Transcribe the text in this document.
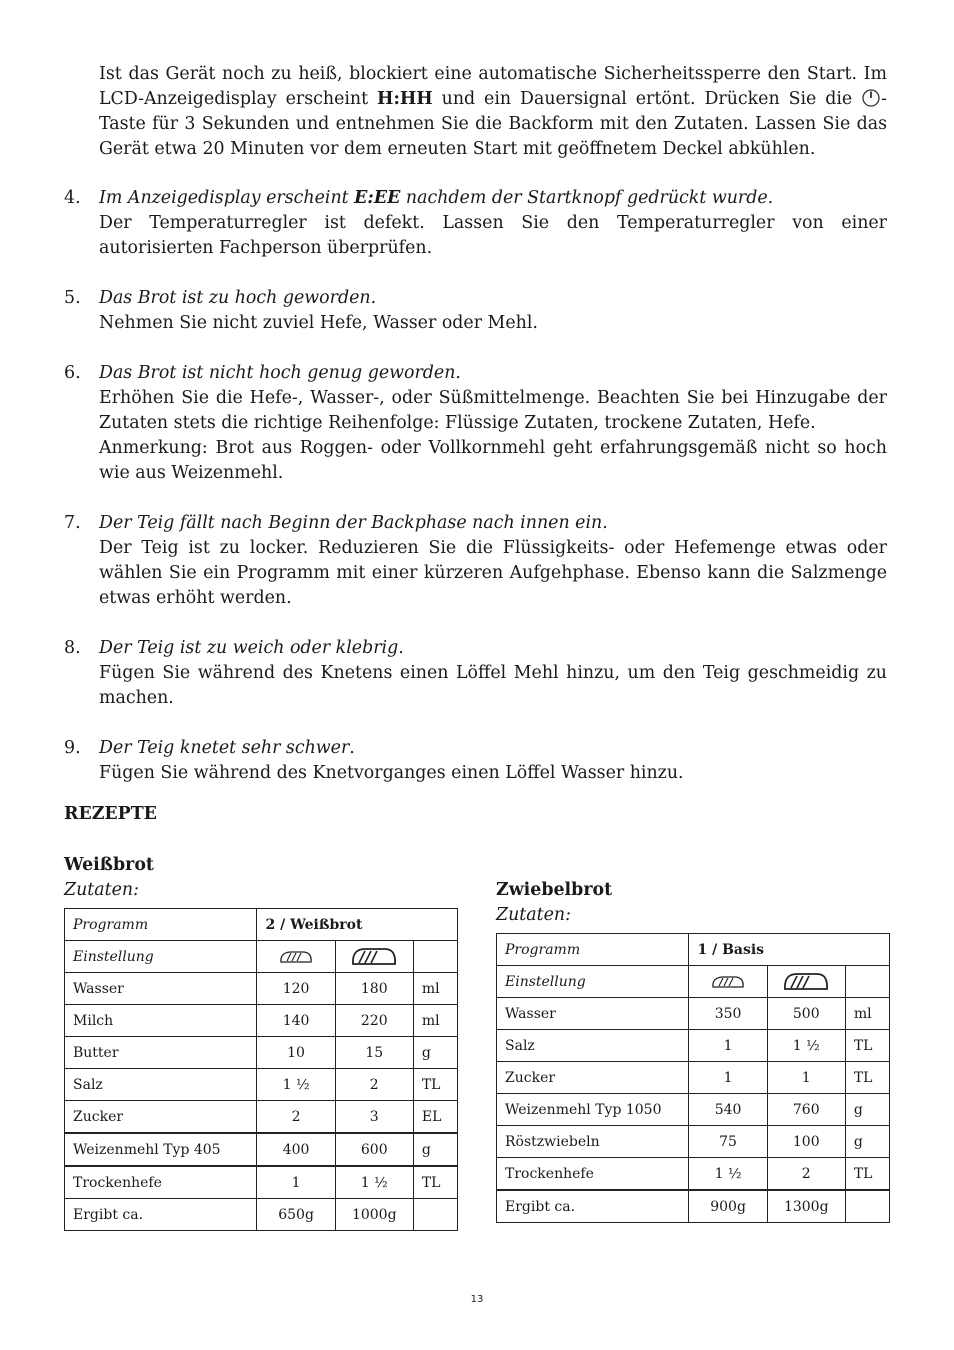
Ist das Gerät noch zu heiß, blockiert eine automatische Sicherheitssperre den Start. Im LCD-Anzeigedisplay erscheint H:HH und ein Dauersignal ertönt. Drücken Sie die -Taste für 3 Sekunden und entnehmen Sie die Backform mit den Zutaten. Lassen Sie das Gerät etwa 20 Minuten vor dem erneuten Start mit geöffnetem Deckel abkühlen.
4. Im Anzeigedisplay erscheint E:EE nachdem der Startknopf gedrückt wurde.
Der Temperaturregler ist defekt. Lassen Sie den Temperaturregler von einer autorisierten Fachperson überprüfen.
5. Das Brot ist zu hoch geworden.
Nehmen Sie nicht zuviel Hefe, Wasser oder Mehl.
6. Das Brot ist nicht hoch genug geworden.
Erhöhen Sie die Hefe-, Wasser-, oder Süßmittelmenge. Beachten Sie bei Hinzugabe der Zutaten stets die richtige Reihenfolge: Flüssige Zutaten, trockene Zutaten, Hefe.
Anmerkung: Brot aus Roggen- oder Vollkornmehl geht erfahrungsgemäß nicht so hoch wie aus Weizenmehl.
7. Der Teig fällt nach Beginn der Backphase nach innen ein.
Der Teig ist zu locker. Reduzieren Sie die Flüssigkeits- oder Hefemenge etwas oder wählen Sie ein Programm mit einer kürzeren Aufgehphase. Ebenso kann die Salzmenge etwas erhöht werden.
8. Der Teig ist zu weich oder klebrig.
Fügen Sie während des Knetens einen Löffel Mehl hinzu, um den Teig geschmeidig zu machen.
9. Der Teig knetet sehr schwer.
Fügen Sie während des Knetvorganges einen Löffel Wasser hinzu.
REZEPTE
Weißbrot
Zutaten:
Programm	2 / Weißbrot		
Einstellung			
Wasser	120	180	ml
Milch	140	220	ml
Butter	10	15	g
Salz	1 ½	2	TL
Zucker	2	3	EL
Weizenmehl Typ 405	400	600	g
Trockenhefe	1	1 ½	TL
Ergibt ca.	650g	1000g	
Zwiebelbrot
Zutaten:
Programm	1 / Basis		
Einstellung			
Wasser	350	500	ml
Salz	1	1 ½	TL
Zucker	1	1	TL
Weizenmehl Typ 1050	540	760	g
Röstzwiebeln	75	100	g
Trockenhefe	1 ½	2	TL
Ergibt ca.	900g	1300g	
13
